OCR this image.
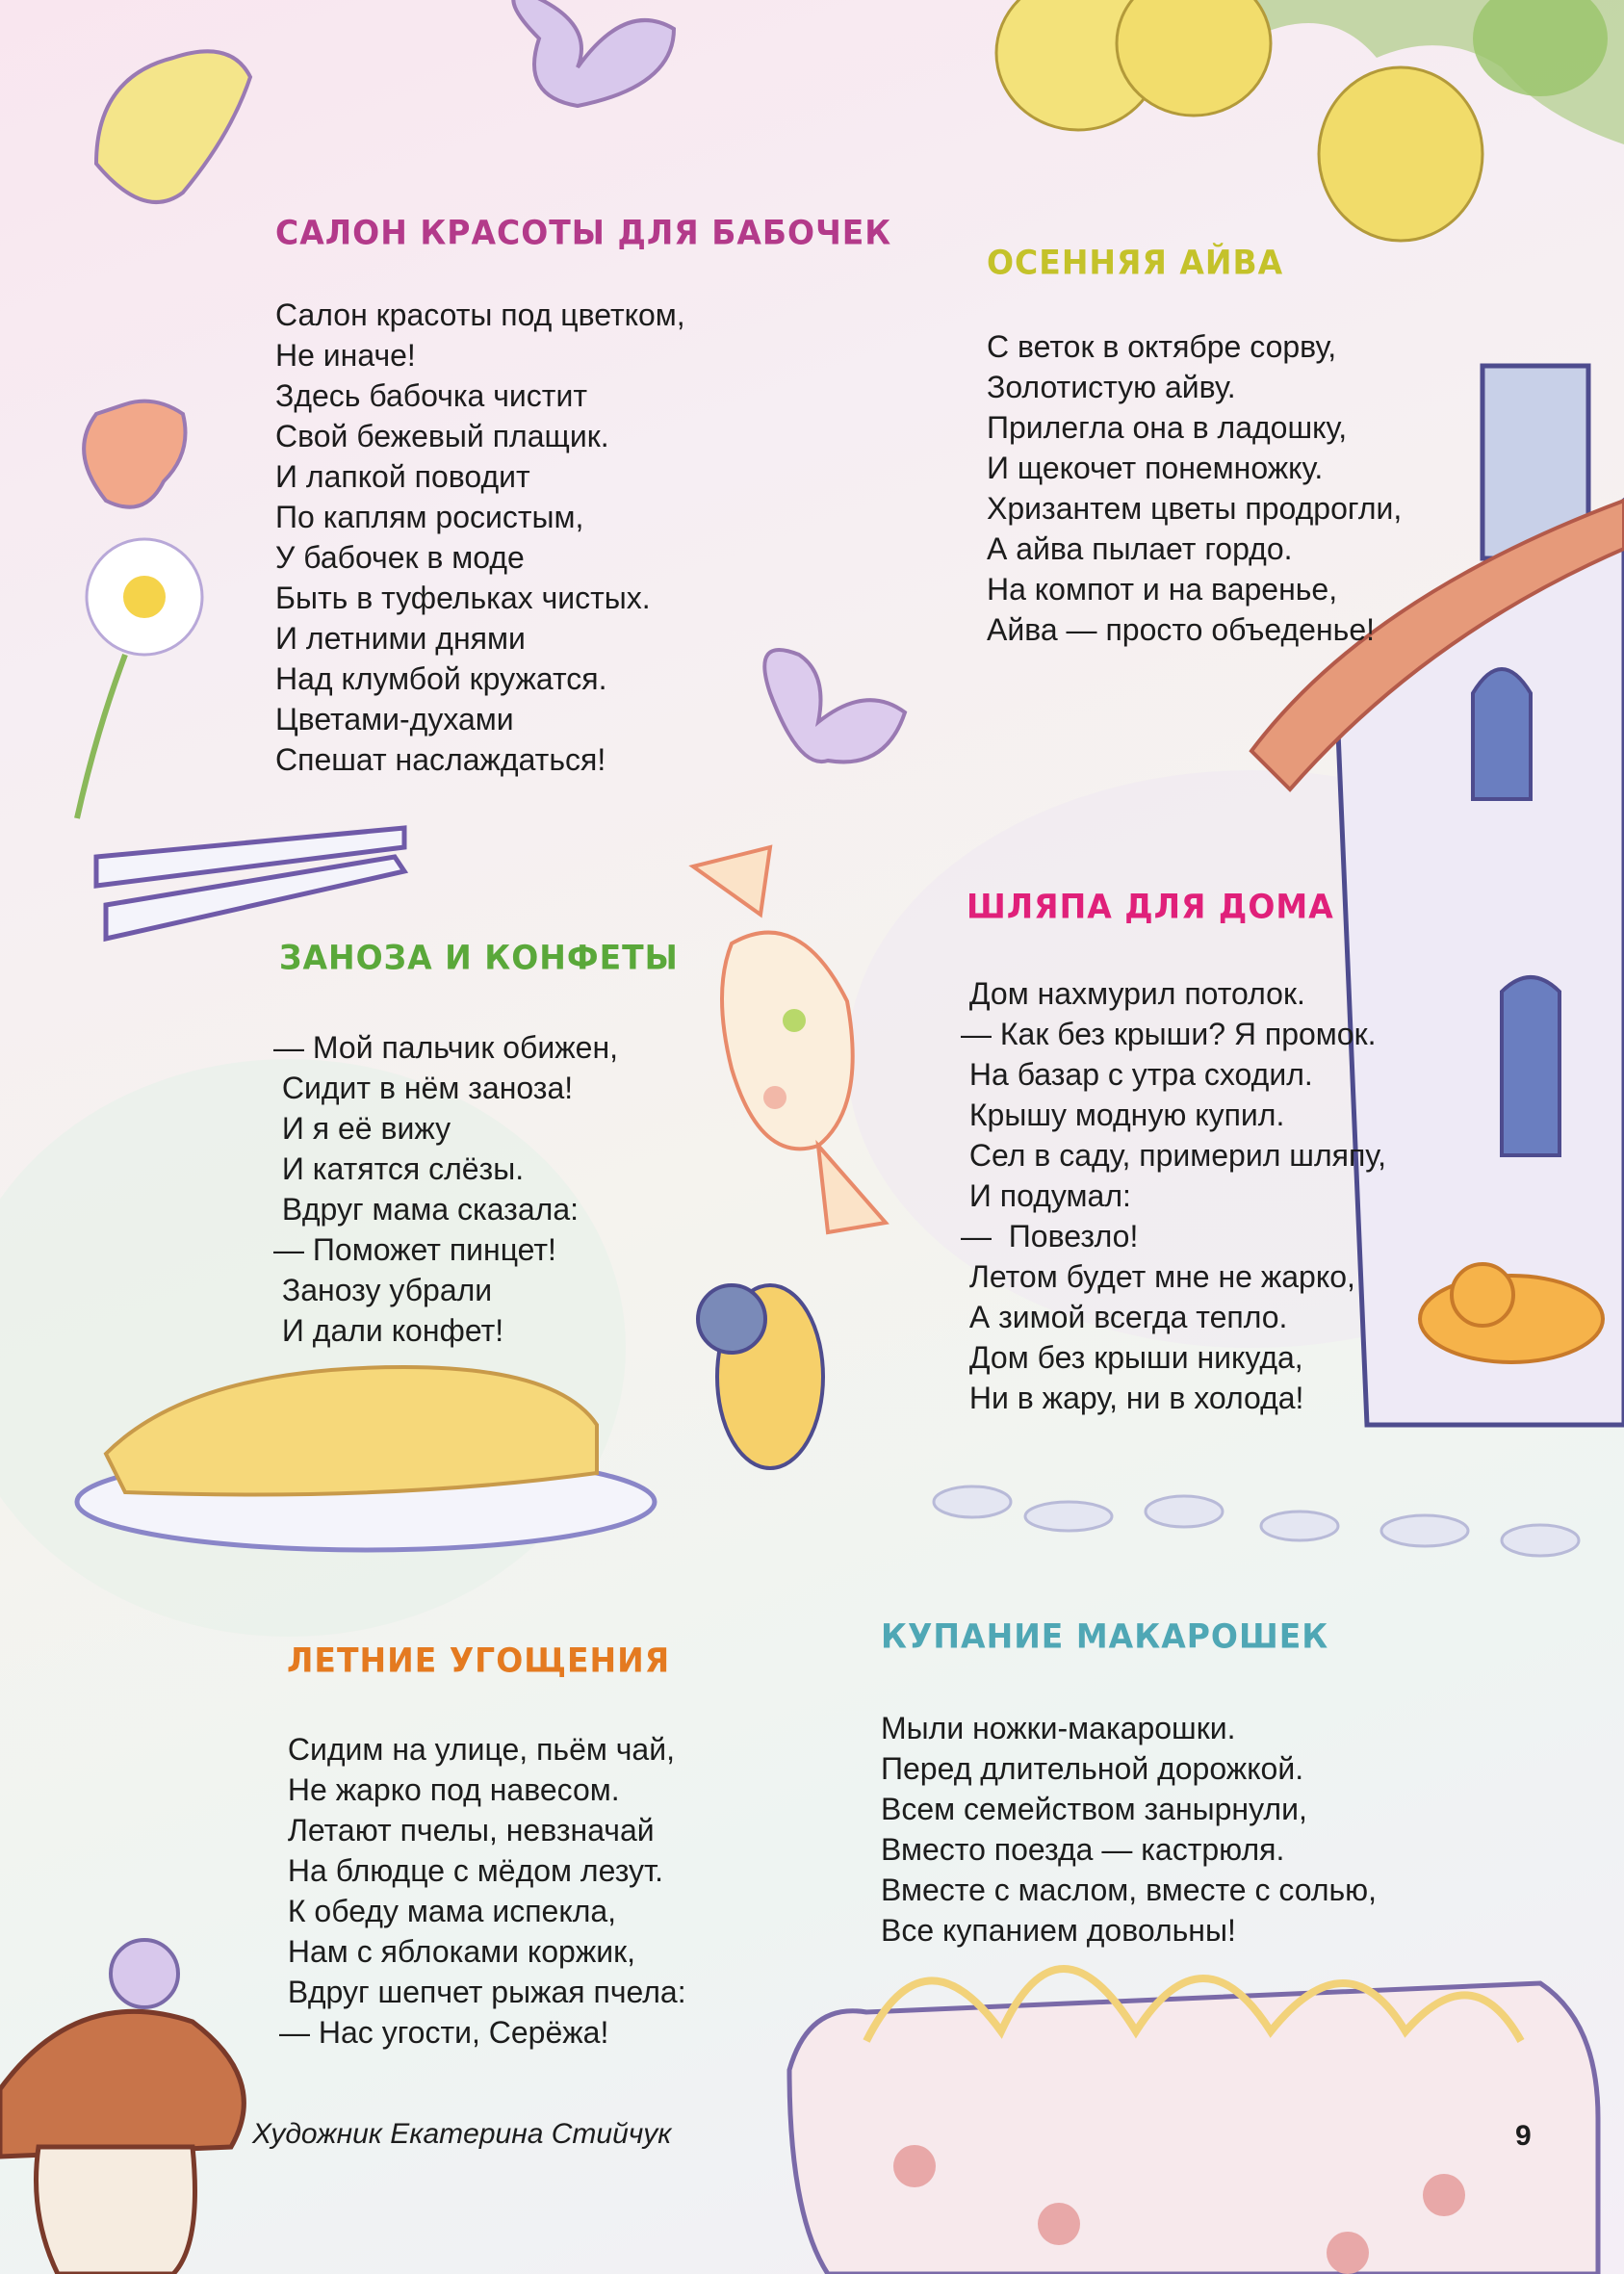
САЛОН КРАСОТЫ ДЛЯ БАБОЧЕК
Салон красоты под цветком,
Не иначе!
Здесь бабочка чистит
Свой бежевый плащик.
И лапкой поводит
По каплям росистым,
У бабочек в моде
Быть в туфельках чистых.
И летними днями
Над клумбой кружатся.
Цветами-духами
Спешат наслаждаться!
ОСЕННЯЯ АЙВА
С веток в октябре сорву,
Золотистую айву.
Прилегла она в ладошку,
И щекочет понемножку.
Хризантем цветы продрогли,
А айва пылает гордо.
На компот и на варенье,
Айва — просто объеденье!
ЗАНОЗА И КОНФЕТЫ
— Мой пальчик обижен,
Сидит в нём заноза!
И я её вижу
И катятся слёзы.
Вдруг мама сказала:
— Поможет пинцет!
Занозу убрали
И дали конфет!
ШЛЯПА ДЛЯ ДОМА
Дом нахмурил потолок.
— Как без крыши? Я промок.
На базар с утра сходил.
Крышу модную купил.
Сел в саду, примерил шляпу,
И подумал:
—  Повезло!
Летом будет мне не жарко,
А зимой всегда тепло.
Дом без крыши никуда,
Ни в жару, ни в холода!
ЛЕТНИЕ УГОЩЕНИЯ
Сидим на улице, пьём чай,
Не жарко под навесом.
Летают пчелы, невзначай
На блюдце с мёдом лезут.
К обеду мама испекла,
Нам с яблоками коржик,
Вдруг шепчет рыжая пчела:
— Нас угости, Серёжа!
КУПАНИЕ МАКАРОШЕК
Мыли ножки-макарошки.
Перед длительной дорожкой.
Всем семейством занырнули,
Вместо поезда — кастрюля.
Вместе с маслом, вместе с солью,
Все купанием довольны!
Художник Екатерина Стийчук	9
